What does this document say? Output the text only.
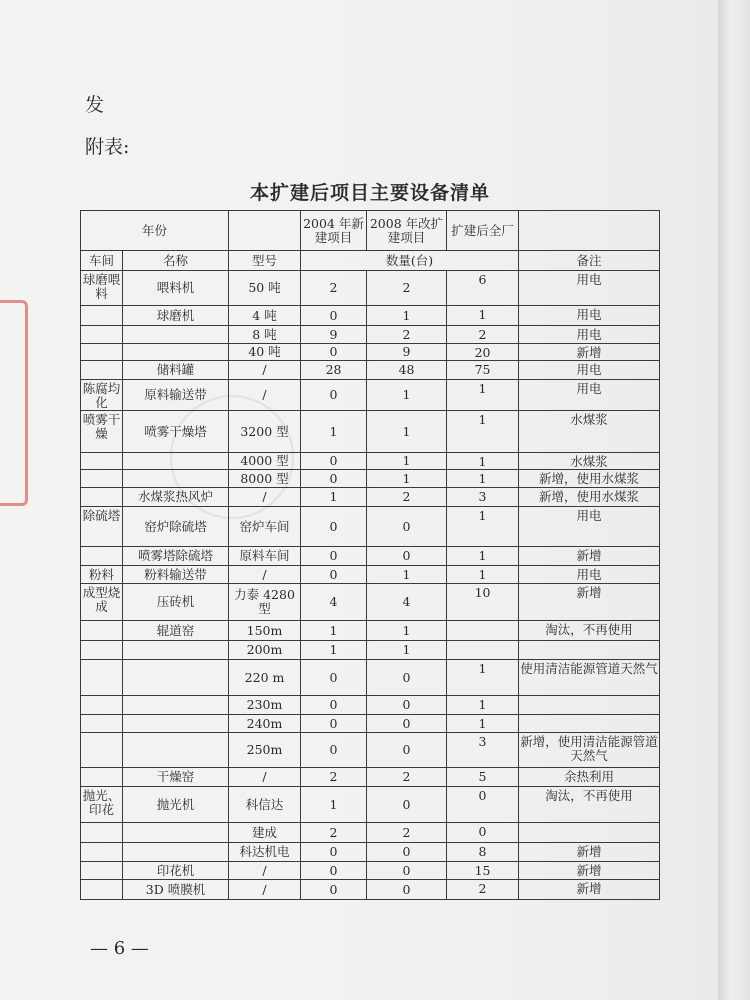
发
附表:
本扩建后项目主要设备清单
年份			2004 年新建项目	2008 年改扩建项目	扩建后全厂	
车间	名称	型号	数量(台)			备注
球磨喂料	喂料机	50 吨	2	2	6	用电
	球磨机	4 吨	0	1	1	用电
		8 吨	9	2	2	用电
		40 吨	0	9	20	新增
	储料罐	/	28	48	75	用电
陈腐均化	原料输送带	/	0	1	1	用电
喷雾干燥	喷雾干燥塔	3200 型	1	1	1	水煤浆
		4000 型	0	1	1	水煤浆
		8000 型	0	1	1	新增，使用水煤浆
	水煤浆热风炉	/	1	2	3	新增，使用水煤浆
除硫塔	窑炉除硫塔	窑炉车间	0	0	1	用电
	喷雾塔除硫塔	原料车间	0	0	1	新增
粉料	粉料输送带	/	0	1	1	用电
成型烧成	压砖机	力泰 4280 型	4	4	10	新增
	辊道窑	150m	1	1		淘汰，不再使用
		200m	1	1		
		220 m	0	0	1	使用清洁能源管道天然气
		230m	0	0	1	
		240m	0	0	1	
		250m	0	0	3	新增，使用清洁能源管道天然气
	干燥窑	/	2	2	5	余热利用
抛光、印花	抛光机	科信达	1	0	0	淘汰，不再使用
		建成	2	2	0	
		科达机电	0	0	8	新增
	印花机	/	0	0	15	新增
	3D 喷膜机	/	0	0	2	新增
— 6 —
